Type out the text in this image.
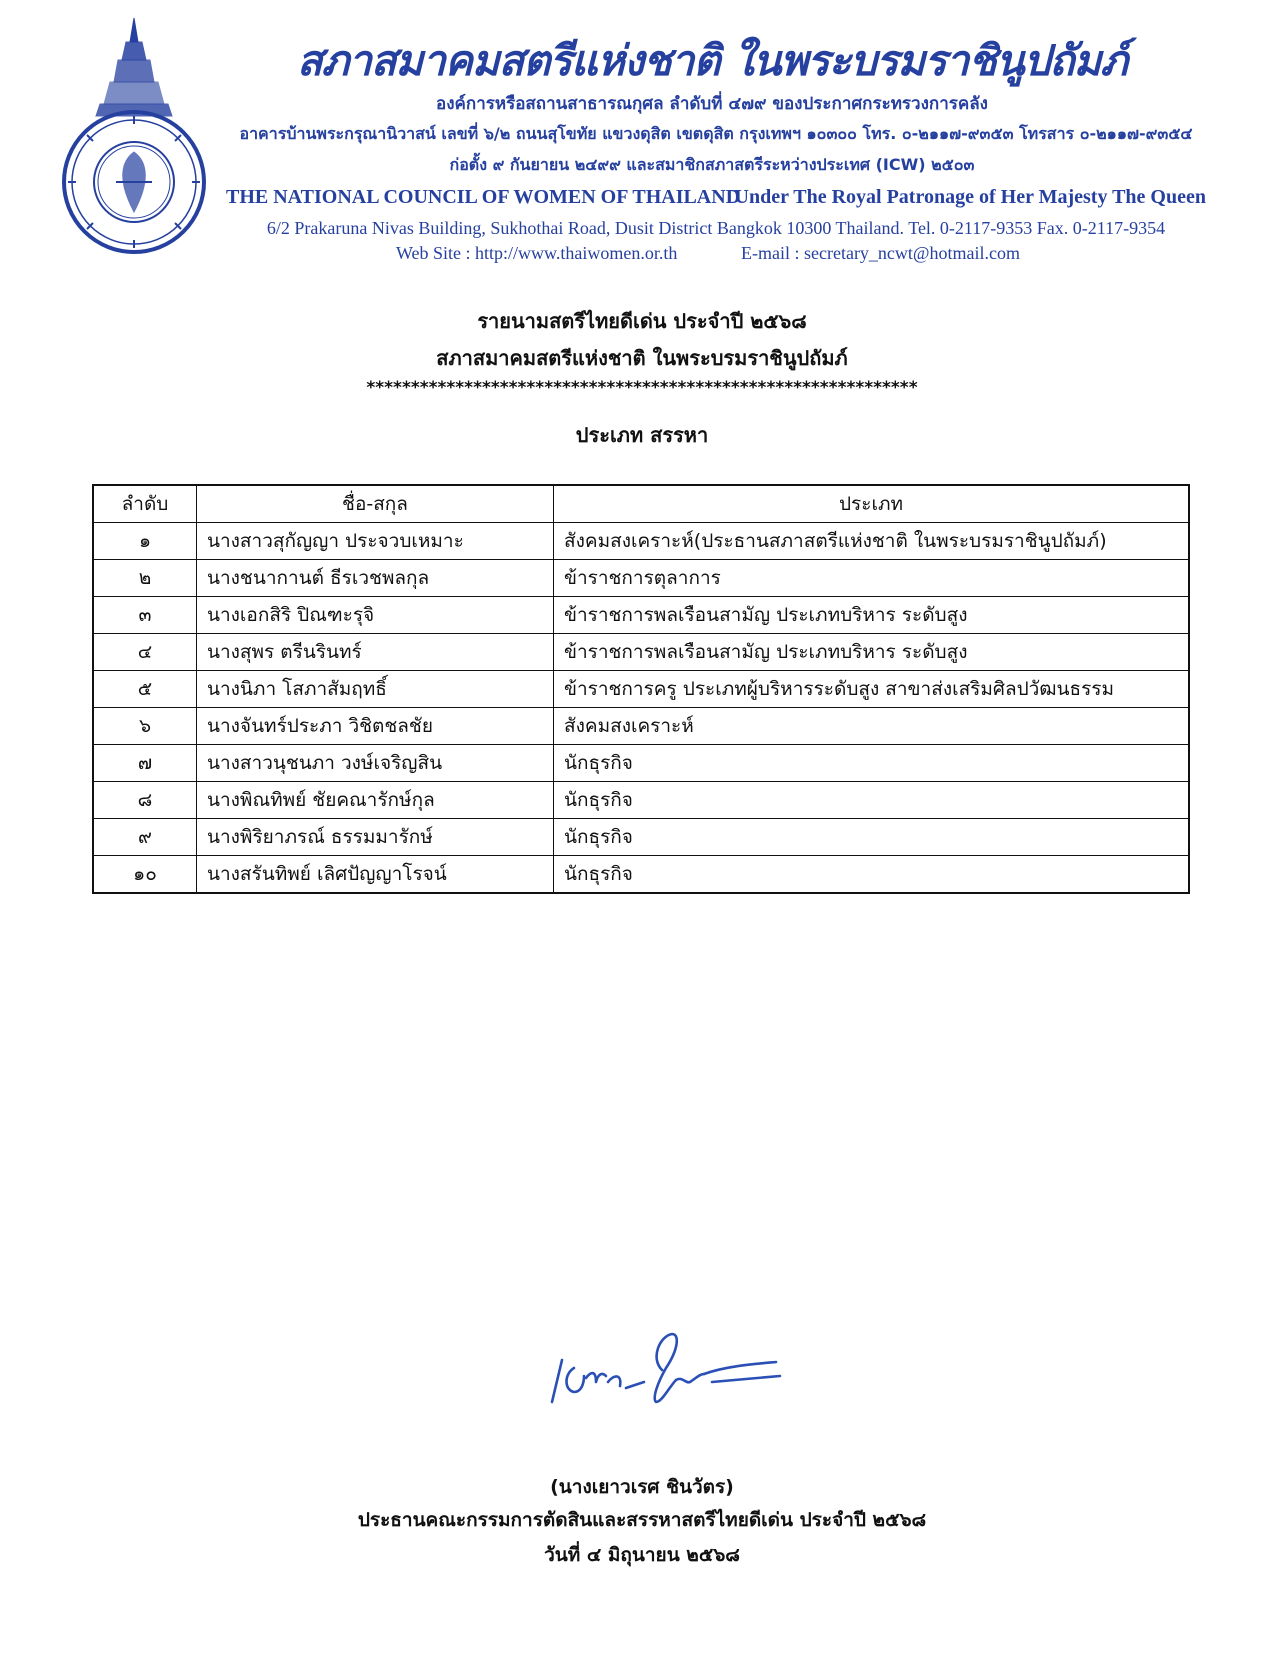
สภาสมาคมสตรีแห่งชาติ ในพระบรมราชินูปถัมภ์
องค์การหรือสถานสาธารณกุศล ลำดับที่ ๔๗๙ ของประกาศกระทรวงการคลัง
อาคารบ้านพระกรุณานิวาสน์ เลขที่ ๖/๒ ถนนสุโขทัย แขวงดุสิต เขตดุสิต กรุงเทพฯ ๑๐๓๐๐ โทร. ๐-๒๑๑๗-๙๓๕๓ โทรสาร ๐-๒๑๑๗-๙๓๕๔
ก่อตั้ง ๙ กันยายน ๒๔๙๙ และสมาชิกสภาสตรีระหว่างประเทศ (ICW) ๒๕๐๓
THE NATIONAL COUNCIL OF WOMEN OF THAILAND
Under The Royal Patronage of Her Majesty The Queen
6/2 Prakaruna Nivas Building, Sukhothai Road, Dusit District Bangkok 10300 Thailand. Tel. 0-2117-9353 Fax. 0-2117-9354
Web Site : http://www.thaiwomen.or.th	E-mail : secretary_ncwt@hotmail.com
รายนามสตรีไทยดีเด่น ประจำปี ๒๕๖๘
สภาสมาคมสตรีแห่งชาติ ในพระบรมราชินูปถัมภ์
**************************************************************
ประเภท สรรหา
ลำดับ	ชื่อ-สกุล	ประเภท
๑	นางสาวสุกัญญา ประจวบเหมาะ	สังคมสงเคราะห์(ประธานสภาสตรีแห่งชาติ ในพระบรมราชินูปถัมภ์)
๒	นางชนากานต์ ธีรเวชพลกุล	ข้าราชการตุลาการ
๓	นางเอกสิริ ปิณฑะรุจิ	ข้าราชการพลเรือนสามัญ ประเภทบริหาร ระดับสูง
๔	นางสุพร ตรีนรินทร์	ข้าราชการพลเรือนสามัญ ประเภทบริหาร ระดับสูง
๕	นางนิภา โสภาสัมฤทธิ์	ข้าราชการครู ประเภทผู้บริหารระดับสูง สาขาส่งเสริมศิลปวัฒนธรรม
๖	นางจันทร์ประภา วิชิตชลชัย	สังคมสงเคราะห์
๗	นางสาวนุชนภา วงษ์เจริญสิน	นักธุรกิจ
๘	นางพิณทิพย์ ชัยคณารักษ์กุล	นักธุรกิจ
๙	นางพิริยาภรณ์ ธรรมมารักษ์	นักธุรกิจ
๑๐	นางสรันทิพย์ เลิศปัญญาโรจน์	นักธุรกิจ
(นางเยาวเรศ ชินวัตร)
ประธานคณะกรรมการตัดสินและสรรหาสตรีไทยดีเด่น ประจำปี ๒๕๖๘
วันที่ ๔ มิถุนายน ๒๕๖๘
